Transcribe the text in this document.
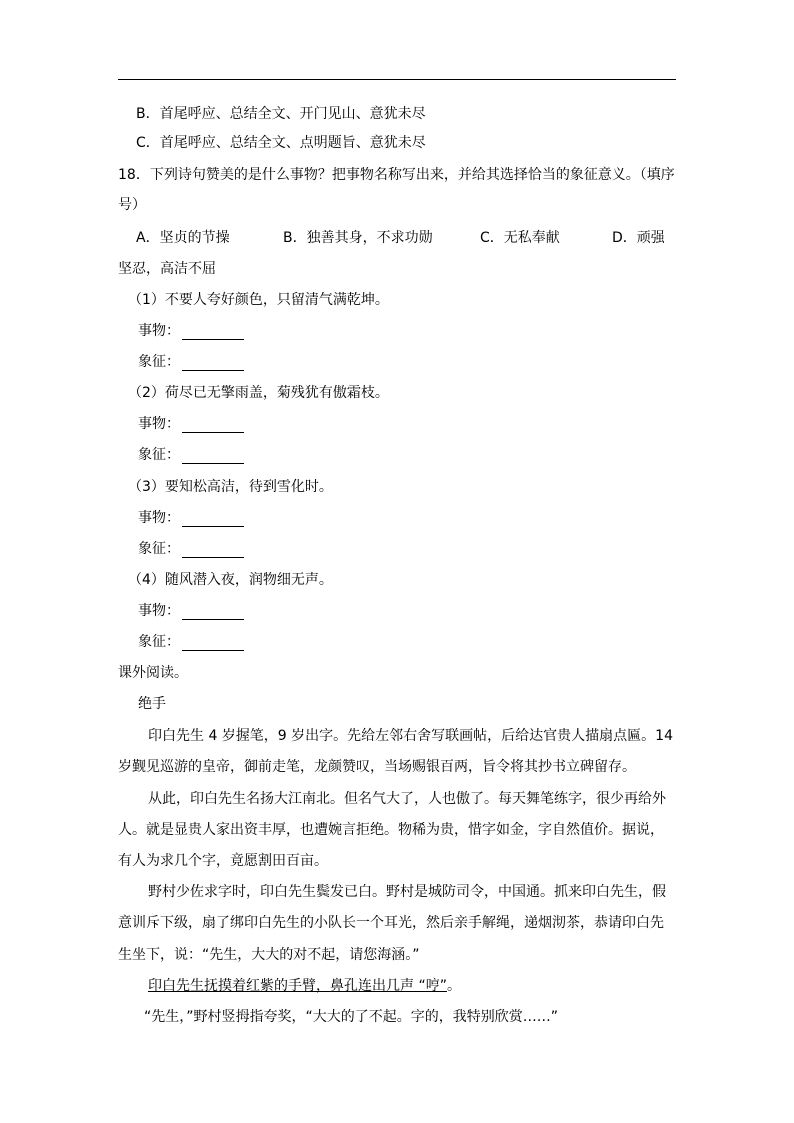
B．首尾呼应、总结全文、开门见山、意犹未尽
C．首尾呼应、总结全文、点明题旨、意犹未尽
18．下列诗句赞美的是什么事物？把事物名称写出来，并给其选择恰当的象征意义。（填序
号）
A．坚贞的节操	B．独善其身，不求功勋	C．无私奉献	D．顽强
坚忍，高洁不屈
（1）不要人夸好颜色，只留清气满乾坤。
事物：
象征：
（2）荷尽已无擎雨盖，菊残犹有傲霜枝。
事物：
象征：
（3）要知松高洁，待到雪化时。
事物：
象征：
（4）随风潜入夜，润物细无声。
事物：
象征：
课外阅读。
绝手
印白先生 4 岁握笔，9 岁出字。先给左邻右舍写联画帖，后给达官贵人描扇点匾。14
岁觐见巡游的皇帝，御前走笔，龙颜赞叹，当场赐银百两，旨令将其抄书立碑留存。
从此，印白先生名扬大江南北。但名气大了，人也傲了。每天舞笔练字，很少再给外
人。就是显贵人家出资丰厚，也遭婉言拒绝。物稀为贵，惜字如金，字自然值价。据说，
有人为求几个字，竟愿割田百亩。
野村少佐求字时，印白先生鬓发已白。野村是城防司令，中国通。抓来印白先生，假
意训斥下级，扇了绑印白先生的小队长一个耳光，然后亲手解绳，递烟沏茶，恭请印白先
生坐下，说：“先生，大大的对不起，请您海涵。”
印白先生抚摸着红紫的手臂，鼻孔连出几声 “哼”。
“先生，”野村竖拇指夸奖，“大大的了不起。字的，我特别欣赏……”
